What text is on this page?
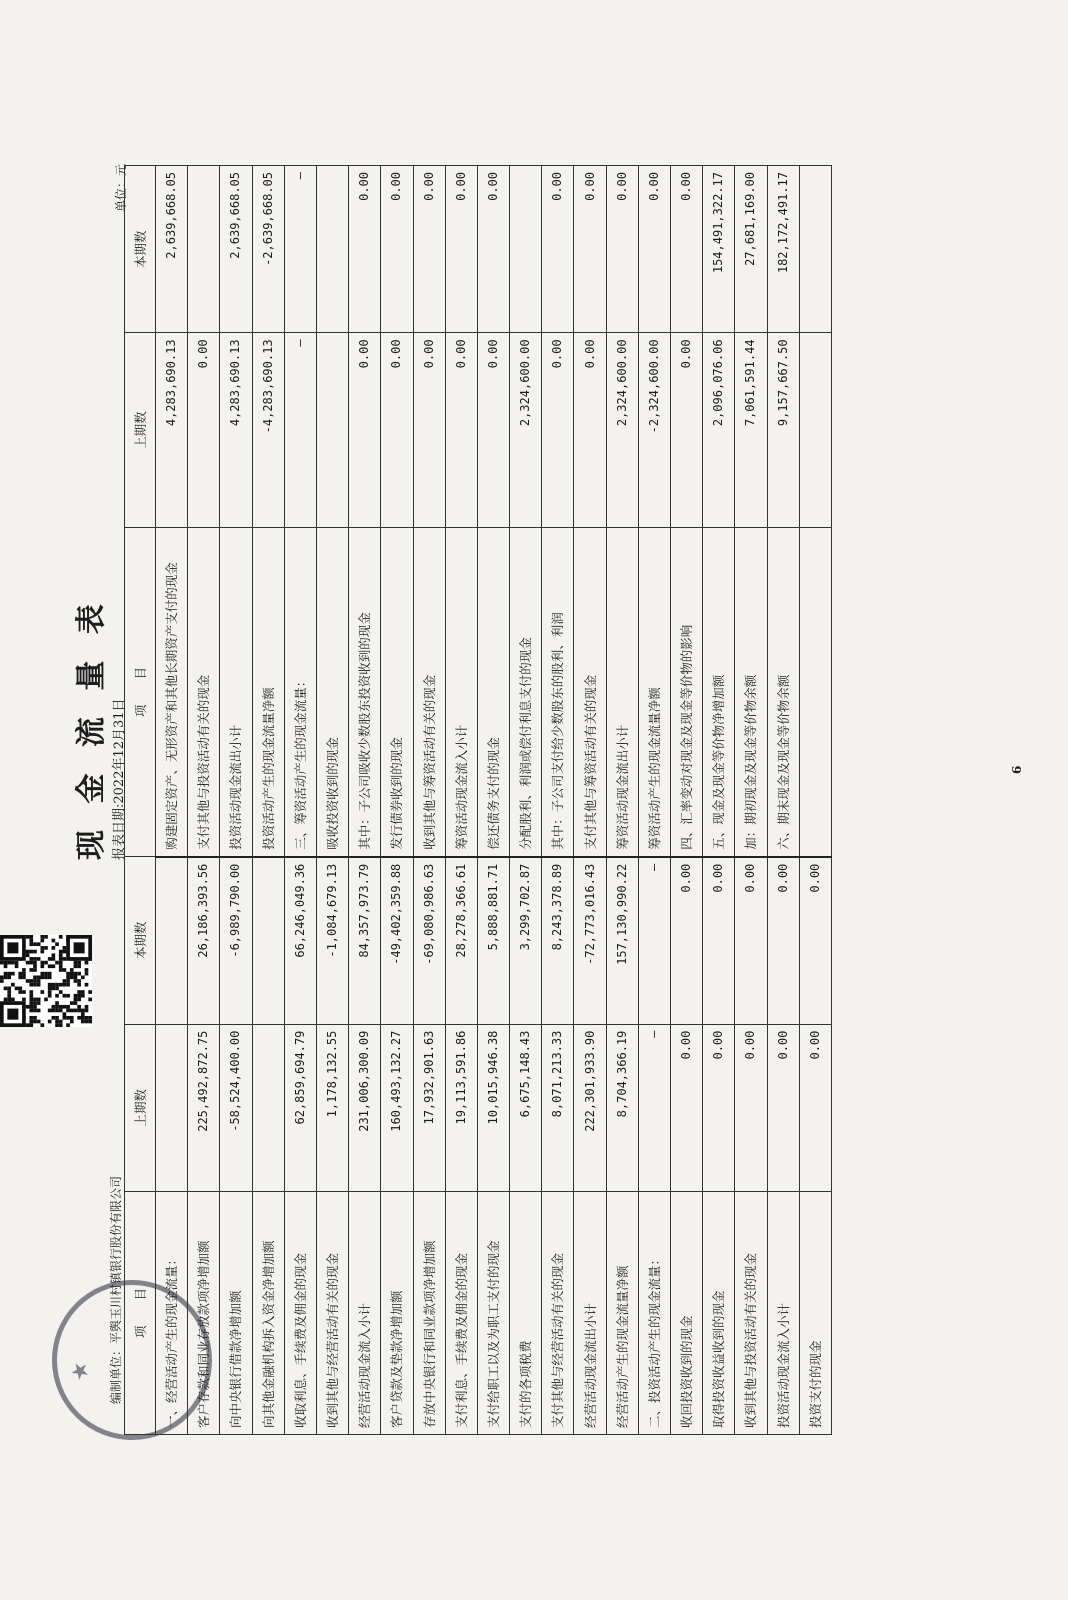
现 金 流 量 表 报表日期:2022年12月31日
编制单位：平舆玉川村镇银行股份有限公司
单位：元
★
项　　目	上期数	本期数	项　　目	上期数	本期数
一、经营活动产生的现金流量：			购建固定资产、无形资产和其他长期资产支付的现金	4,283,690.13	2,639,668.05
客户存款和同业存放款项净增加额	225,492,872.75	26,186,393.56	支付其他与投资活动有关的现金	0.00	
向中央银行借款净增加额	-58,524,400.00	-6,989,790.00	投资活动现金流出小计	4,283,690.13	2,639,668.05
向其他金融机构拆入资金净增加额			投资活动产生的现金流量净额	-4,283,690.13	-2,639,668.05
收取利息、手续费及佣金的现金	62,859,694.79	66,246,049.36	三、筹资活动产生的现金流量：	—	—
收到其他与经营活动有关的现金	1,178,132.55	-1,084,679.13	吸收投资收到的现金		
经营活动现金流入小计	231,006,300.09	84,357,973.79	其中：子公司吸收少数股东投资收到的现金	0.00	0.00
客户贷款及垫款净增加额	160,493,132.27	-49,402,359.88	发行债券收到的现金	0.00	0.00
存放中央银行和同业款项净增加额	17,932,901.63	-69,080,986.63	收到其他与筹资活动有关的现金	0.00	0.00
支付利息、手续费及佣金的现金	19,113,591.86	28,278,366.61	筹资活动现金流入小计	0.00	0.00
支付给职工以及为职工支付的现金	10,015,946.38	5,888,881.71	偿还债务支付的现金	0.00	0.00
支付的各项税费	6,675,148.43	3,299,702.87	分配股利、利润或偿付利息支付的现金	2,324,600.00	
支付其他与经营活动有关的现金	8,071,213.33	8,243,378.89	其中：子公司支付给少数股东的股利、利润	0.00	0.00
经营活动现金流出小计	222,301,933.90	-72,773,016.43	支付其他与筹资活动有关的现金	0.00	0.00
经营活动产生的现金流量净额	8,704,366.19	157,130,990.22	筹资活动现金流出小计	2,324,600.00	0.00
二、投资活动产生的现金流量：	—	—	筹资活动产生的现金流量净额	-2,324,600.00	0.00
收回投资收到的现金	0.00	0.00	四、汇率变动对现金及现金等价物的影响	0.00	0.00
取得投资收益收到的现金	0.00	0.00	五、现金及现金等价物净增加额	2,096,076.06	154,491,322.17
收到其他与投资活动有关的现金	0.00	0.00	加：期初现金及现金等价物余额	7,061,591.44	27,681,169.00
投资活动现金流入小计	0.00	0.00	六、期末现金及现金等价物余额	9,157,667.50	182,172,491.17
投资支付的现金	0.00	0.00			
6
